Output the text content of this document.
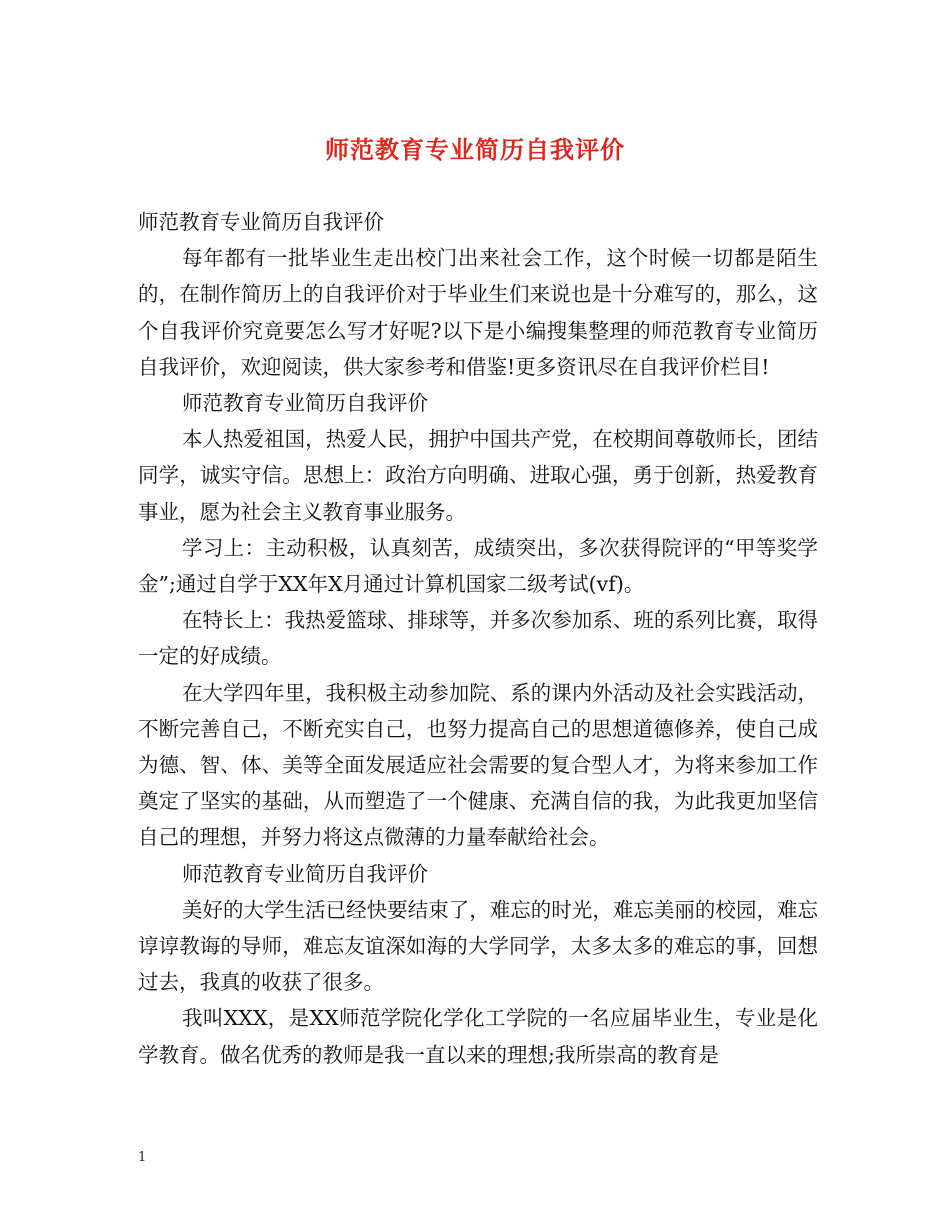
师范教育专业简历自我评价

师范教育专业简历自我评价

每年都有一批毕业生走出校门出来社会工作，这个时候一切都是陌生的，在制作简历上的自我评价对于毕业生们来说也是十分难写的，那么，这个自我评价究竟要怎么写才好呢?以下是小编搜集整理的师范教育专业简历自我评价，欢迎阅读，供大家参考和借鉴!更多资讯尽在自我评价栏目!

师范教育专业简历自我评价

本人热爱祖国，热爱人民，拥护中国共产党，在校期间尊敬师长，团结同学，诚实守信。思想上：政治方向明确、进取心强，勇于创新，热爱教育事业，愿为社会主义教育事业服务。

学习上：主动积极，认真刻苦，成绩突出，多次获得院评的“甲等奖学金”;通过自学于XX年X月通过计算机国家二级考试(vf)。

在特长上：我热爱篮球、排球等，并多次参加系、班的系列比赛，取得一定的好成绩。

在大学四年里，我积极主动参加院、系的课内外活动及社会实践活动，不断完善自己，不断充实自己，也努力提高自己的思想道德修养，使自己成为德、智、体、美等全面发展适应社会需要的复合型人才，为将来参加工作奠定了坚实的基础，从而塑造了一个健康、充满自信的我，为此我更加坚信自己的理想，并努力将这点微薄的力量奉献给社会。

师范教育专业简历自我评价

美好的大学生活已经快要结束了，难忘的时光，难忘美丽的校园，难忘谆谆教诲的导师，难忘友谊深如海的大学同学，太多太多的难忘的事，回想过去，我真的收获了很多。

我叫XXX，是XX师范学院化学化工学院的一名应届毕业生，专业是化学教育。做名优秀的教师是我一直以来的理想;我所崇高的教育是

1
